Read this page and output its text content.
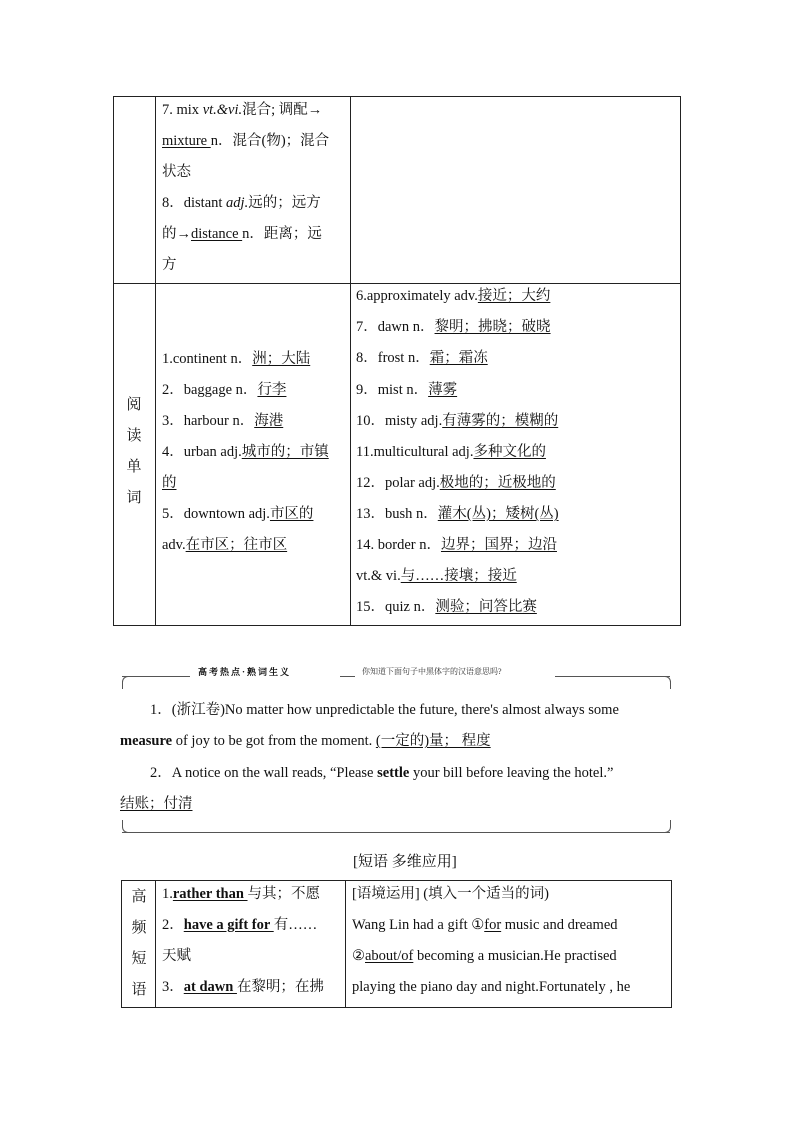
7. mix vt.&vi.混合; 调配→
mixture n．混合(物)；混合
状态
8．distant adj.远的；远方
的→distance n．距离；远
方
阅
读
单
词
1.continent n．洲；大陆
2．baggage n．行李
3．harbour n．海港
4．urban adj.城市的；市镇
的
5．downtown adj.市区的
adv.在市区；往市区
6.approximately adv.接近；大约
7．dawn n．黎明；拂晓；破晓
8．frost n．霜；霜冻
9．mist n．薄雾
10．misty adj.有薄雾的；模糊的
11.multicultural adj.多种文化的
12．polar adj.极地的；近极地的
13．bush n．灌木(丛)；矮树(丛)
14. border n．边界；国界；边沿
vt.& vi.与……接壤；接近
15．quiz n．测验；问答比赛
高考热点·熟词生义	你知道下面句子中黑体字的汉语意思吗?
1．(浙江卷)No matter how unpredictable the future, there's almost always some
measure of joy to be got from the moment. (一定的)量； 程度
2．A notice on the wall reads, “Please settle your bill before leaving the hotel.”
结账；付清
[短语 多维应用]
高
频
短
语
1.rather than 与其；不愿
2．have a gift for 有……
天赋
3．at dawn 在黎明；在拂
[语境运用] (填入一个适当的词)
Wang Lin had a gift ①for music and dreamed
②about/of becoming a musician.He practised
playing the piano day and night.Fortunately , he
